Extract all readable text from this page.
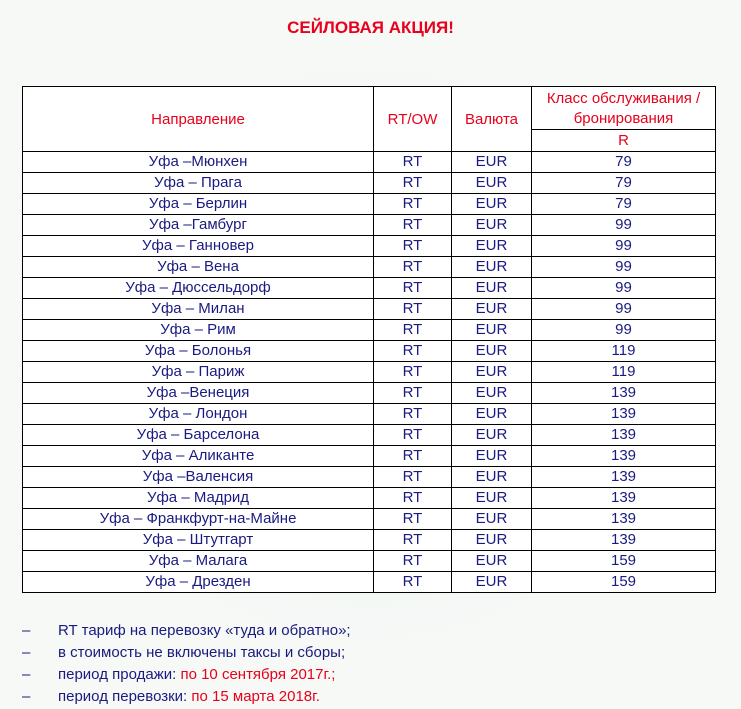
СЕЙЛОВАЯ АКЦИЯ!
Направление	RT/OW	Валюта	Класс обслуживания / бронирования
			R
Уфа –Мюнхен	RT	EUR	79
Уфа – Прага	RT	EUR	79
Уфа – Берлин	RT	EUR	79
Уфа –Гамбург	RT	EUR	99
Уфа – Ганновер	RT	EUR	99
Уфа – Вена	RT	EUR	99
Уфа – Дюссельдорф	RT	EUR	99
Уфа – Милан	RT	EUR	99
Уфа – Рим	RT	EUR	99
Уфа – Болонья	RT	EUR	119
Уфа – Париж	RT	EUR	119
Уфа –Венеция	RT	EUR	139
Уфа – Лондон	RT	EUR	139
Уфа – Барселона	RT	EUR	139
Уфа – Аликанте	RT	EUR	139
Уфа –Валенсия	RT	EUR	139
Уфа – Мадрид	RT	EUR	139
Уфа – Франкфурт-на-Майне	RT	EUR	139
Уфа – Штутгарт	RT	EUR	139
Уфа – Малага	RT	EUR	159
Уфа – Дрезден	RT	EUR	159
– RT тариф на перевозку «туда и обратно»;
– в стоимость не включены таксы и сборы;
– период продажи: по 10 сентября 2017г.;
– период перевозки: по 15 марта 2018г.
